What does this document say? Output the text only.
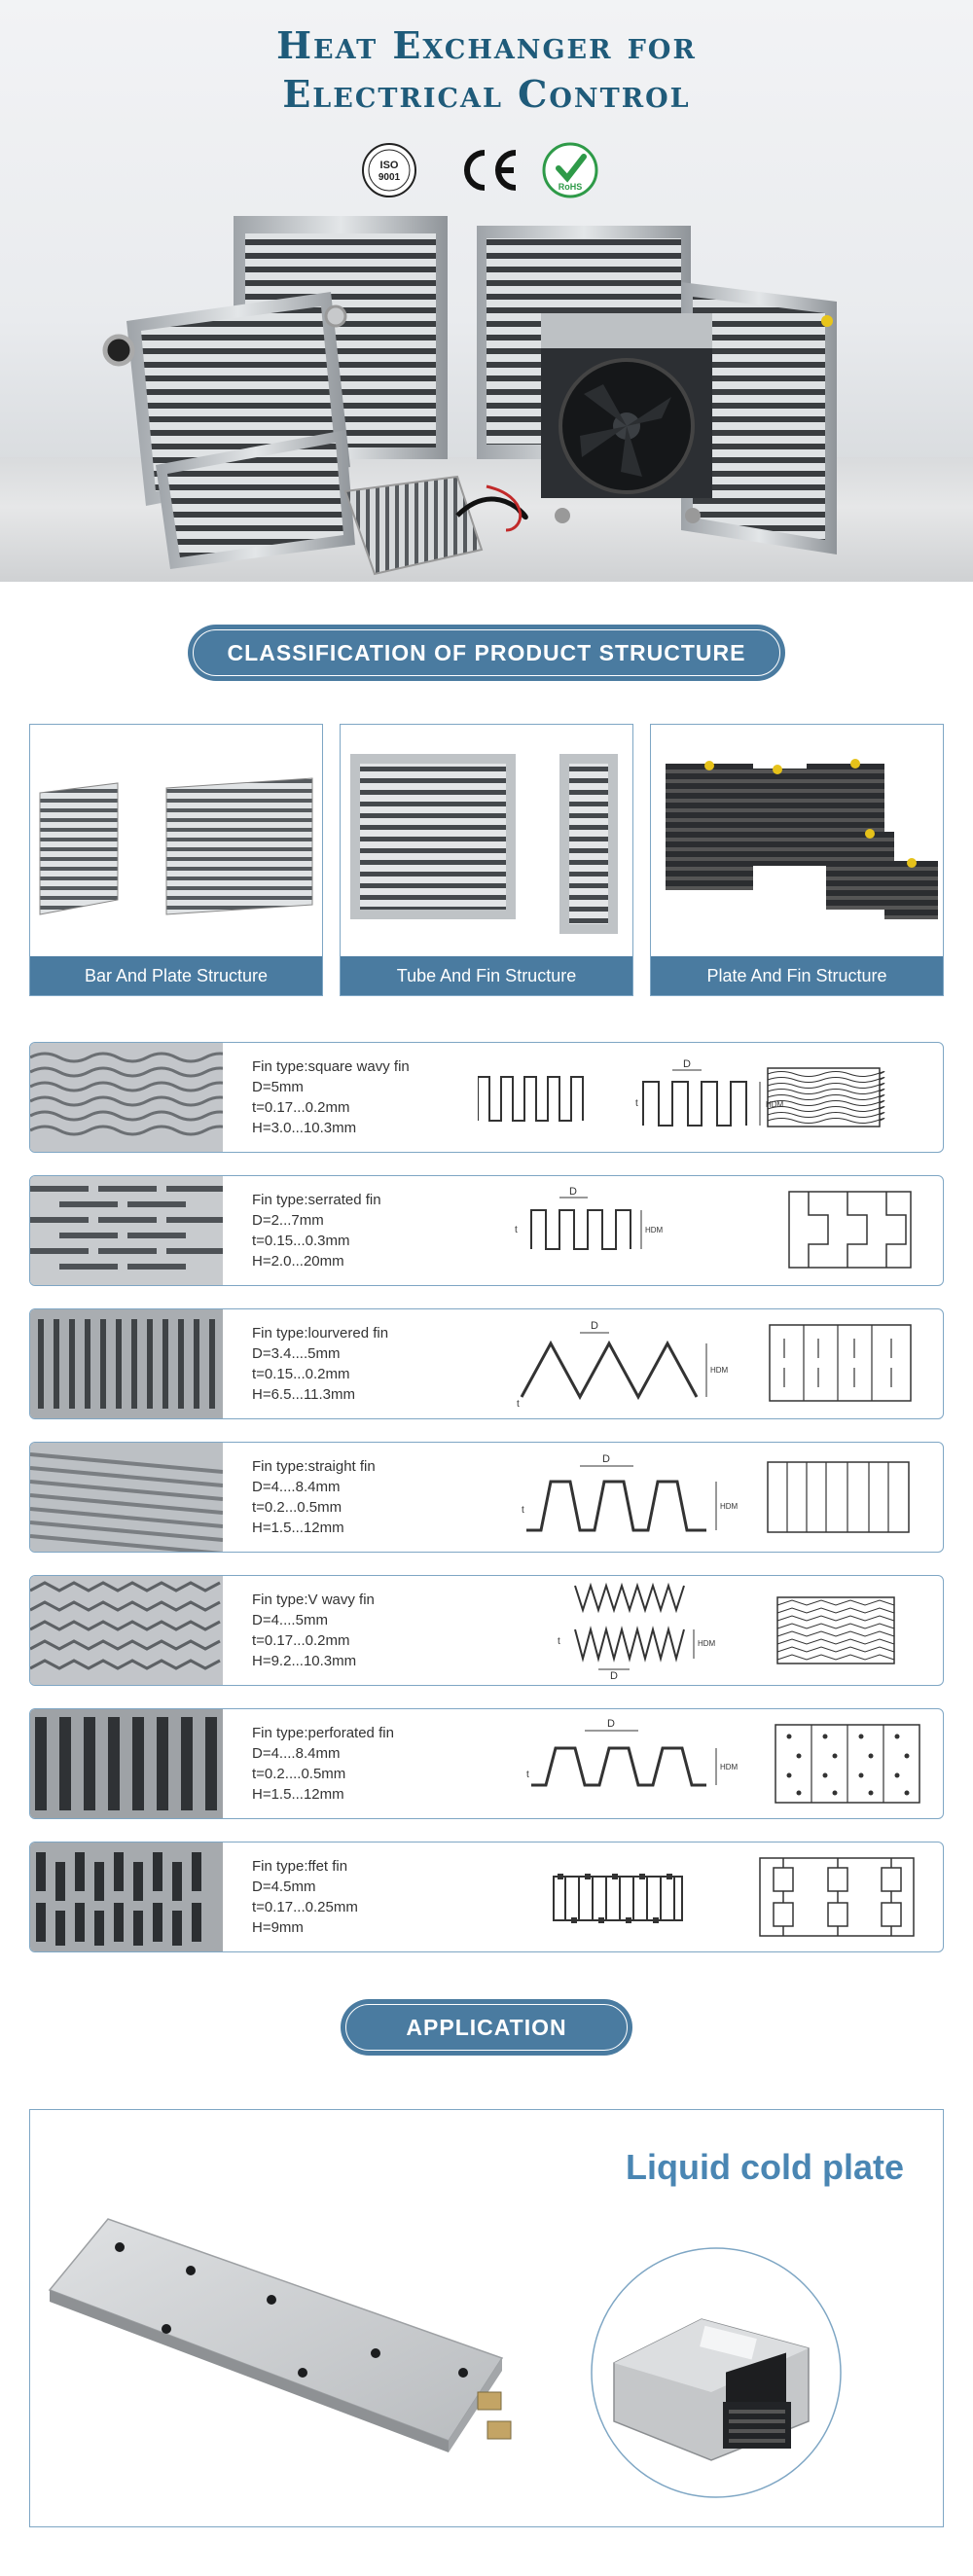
Heat Exchanger for
Electrical Control
ISO
9001
RoHS
CLASSIFICATION OF PRODUCT STRUCTURE
Bar And Plate Structure	Tube And Fin Structure	Plate And Fin Structure
Fin type:square wavy fin
D=5mm
t=0.17...0.2mm
H=3.0...10.3mm
D
HDM
t
Fin type:serrated fin
D=2...7mm
t=0.15...0.3mm
H=2.0...20mm
D
HDM
t
Fin type:lourvered fin
D=3.4....5mm
t=0.15...0.2mm
H=6.5...11.3mm
D
HDM
t
Fin type:straight fin
D=4....8.4mm
t=0.2...0.5mm
H=1.5...12mm
D
HDM
t
Fin type:V wavy fin
D=4....5mm
t=0.17...0.2mm
H=9.2...10.3mm
D
HDM
t
Fin type:perforated fin
D=4....8.4mm
t=0.2....0.5mm
H=1.5...12mm
D
HDM
t
Fin type:ffet fin
D=4.5mm
t=0.17...0.25mm
H=9mm
APPLICATION
Liquid cold plate
